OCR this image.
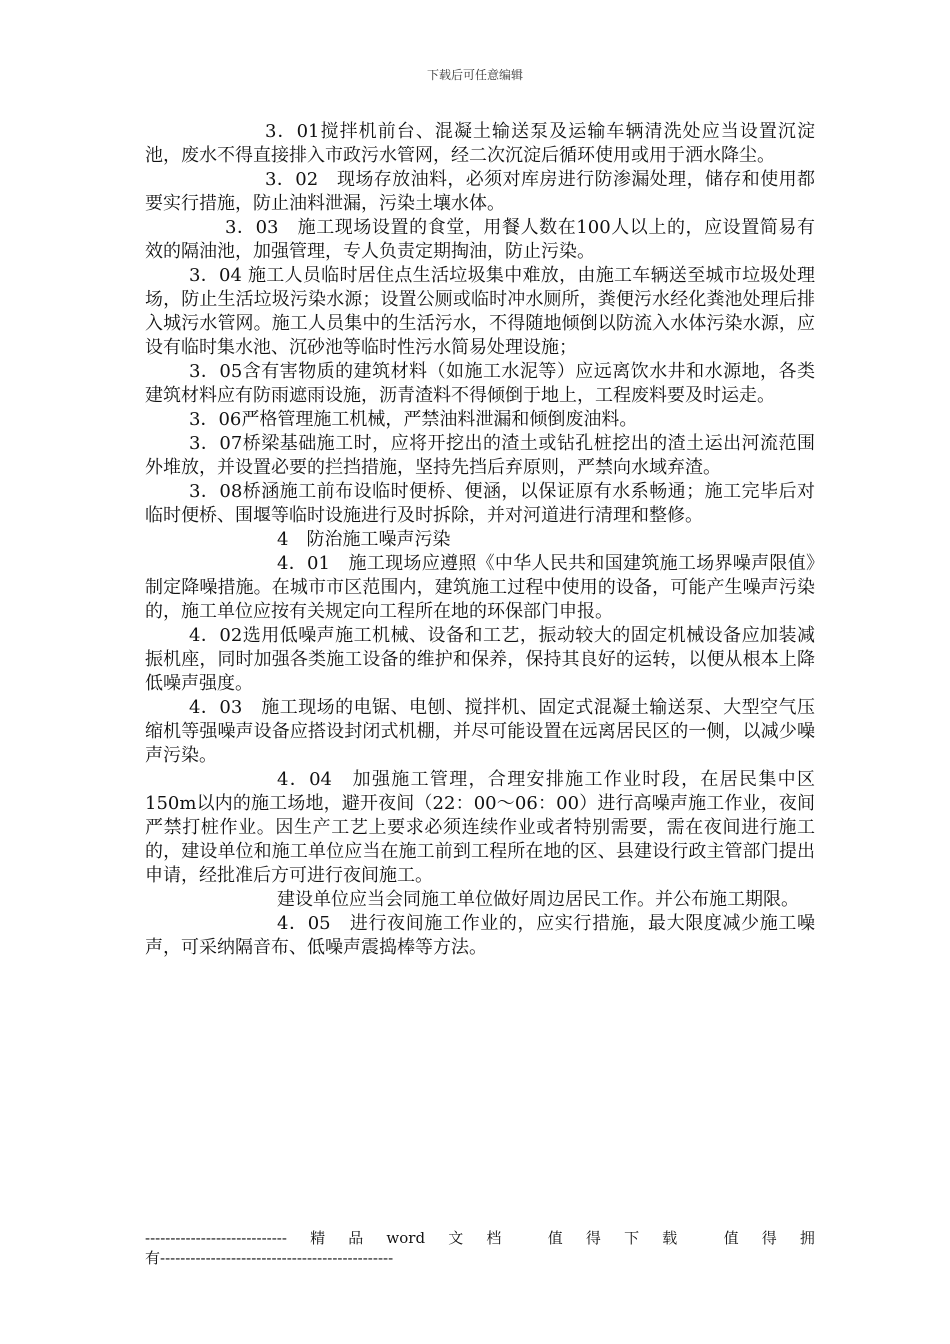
下载后可任意编辑

3．01搅拌机前台、混凝土输送泵及运输车辆清洗处应当设置沉淀池，废水不得直接排入市政污水管网，经二次沉淀后循环使用或用于洒水降尘。

3．02　现场存放油料，必须对库房进行防渗漏处理，储存和使用都要实行措施，防止油料泄漏，污染土壤水体。

3．03　施工现场设置的食堂，用餐人数在100人以上的，应设置简易有效的隔油池，加强管理，专人负责定期掏油，防止污染。

3．04 施工人员临时居住点生活垃圾集中难放，由施工车辆送至城市垃圾处理场，防止生活垃圾污染水源；设置公厕或临时冲水厕所，粪便污水经化粪池处理后排入城污水管网。施工人员集中的生活污水，不得随地倾倒以防流入水体污染水源，应设有临时集水池、沉砂池等临时性污水简易处理设施；

3．05含有害物质的建筑材料（如施工水泥等）应远离饮水井和水源地，各类建筑材料应有防雨遮雨设施，沥青渣料不得倾倒于地上，工程废料要及时运走。

3．06严格管理施工机械，严禁油料泄漏和倾倒废油料。

3．07桥梁基础施工时，应将开挖出的渣土或钻孔桩挖出的渣土运出河流范围外堆放，并设置必要的拦挡措施，坚持先挡后弃原则，严禁向水域弃渣。

3．08桥涵施工前布设临时便桥、便涵，以保证原有水系畅通；施工完毕后对临时便桥、围堰等临时设施进行及时拆除，并对河道进行清理和整修。

4　防治施工噪声污染

4．01　施工现场应遵照《中华人民共和国建筑施工场界噪声限值》制定降噪措施。在城市市区范围内，建筑施工过程中使用的设备，可能产生噪声污染的，施工单位应按有关规定向工程所在地的环保部门申报。

4．02选用低噪声施工机械、设备和工艺，振动较大的固定机械设备应加装减振机座，同时加强各类施工设备的维护和保养，保持其良好的运转，以便从根本上降低噪声强度。

4．03　施工现场的电锯、电刨、搅拌机、固定式混凝土输送泵、大型空气压缩机等强噪声设备应搭设封闭式机棚，并尽可能设置在远离居民区的一侧，以减少噪声污染。

4．04　加强施工管理，合理安排施工作业时段，在居民集中区150m以内的施工场地，避开夜间（22：00～06：00）进行高噪声施工作业，夜间严禁打桩作业。因生产工艺上要求必须连续作业或者特别需要，需在夜间进行施工的，建设单位和施工单位应当在施工前到工程所在地的区、县建设行政主管部门提出申请，经批准后方可进行夜间施工。

建设单位应当会同施工单位做好周边居民工作。并公布施工期限。

4．05　进行夜间施工作业的，应实行措施，最大限度减少施工噪声，可采纳隔音布、低噪声震捣棒等方法。

---------------------------- 精 品 word 文 档	值 得 下 载	值 得 拥
有----------------------------------------------
